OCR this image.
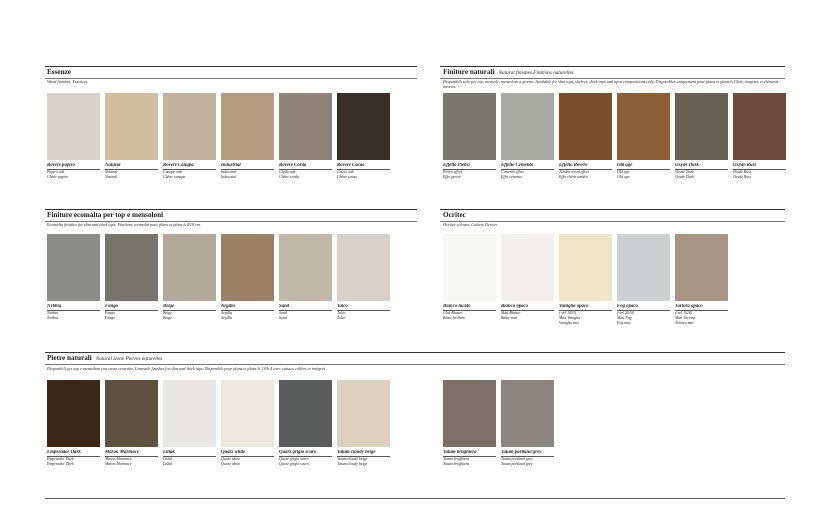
Essenze
Wood finishes. Essences.
Rovere papiro
Papiro oak
Chêne papiro
Natural
Natural
Natural
Rovere Canapa
Canapa oak
Chêne canapa
Industrial
Industrial
Industrial
Rovere Corda
Corda oak
Chêne corda
Rovere Cacao
Cacao oak
Chêne cacao
Finiture naturali Natural finishes Finitions naturelles
Disponibili solo per top, mensole, mensoloni a giorno. Available for slim tops, shelves, thick tops and open compositions only. Disponibles uniquement pour plans et plans h.10cm, étagères et éléments ouverts.
Effetto Pietra
Pietra effect
Effet pierre
Effetto Cemento
Cemento effect
Effet cemento
Effetto Rovere
Tundra wood effect
Effet chêne tundra
Old age
Old age
Old age
Oxyde Dark
Oxyde Dark
Oxyde Dark
Oxyde Rust
Oxyde Rust
Oxyde Rust
Finiture ecomalta per top e mensoloni
Ecomalta finishes for slim and thick tops. Finitions ecomalta pour plans et plans h.4/10 cm.
Nebbia
Nebbia
Nebbia
Fango
Fango
Fango
Beige
Beige
Beige
Argilla
Argilla
Argilla
Sand
Sand
Sand
Talco
Talco
Talco
Ocritec
Ocritec colours. Coloris Ocritec
Bianco lucido
Glos Bianco
Blanc brillant
Bianco opaco
Matt Bianco
Blanc mat
Vaniglia opaco
(-vel 1053)
Matt Vaniglia
Vaniglia mat
Fog opaco
(-vel 2010)
Matt Fog
Fog mat
Tortora opaco
(-vel 1010)
Matt Tortora
Tortora mat
Pietre naturali Natural stone Pierres naturelles
Disponibili per top e mensoloni con casse costruite. Limestile finishes for slim and thick tops. Disponible pour plans et plans h. 10/h.4 avec caisses collées et intégrés.
Emperador Dark
Emperador Dark
Emperador Dark
Maron Marinace
Maron Marinace
Maron Marinace
Lillak
Lillak
Lillak
Quarz white
Quarz white
Quarz white
Quarz grigio scuro
Quarz grigio scuro
Quarz grigio scuro
Tatum cloudy beige
Tatum cloudy beige
Tatum cloudy beige
Tatum brughiera
Tatum brughiera
Tatum brughiera
Tatum portland grey
Tatum portland grey
Tatum portland grey
